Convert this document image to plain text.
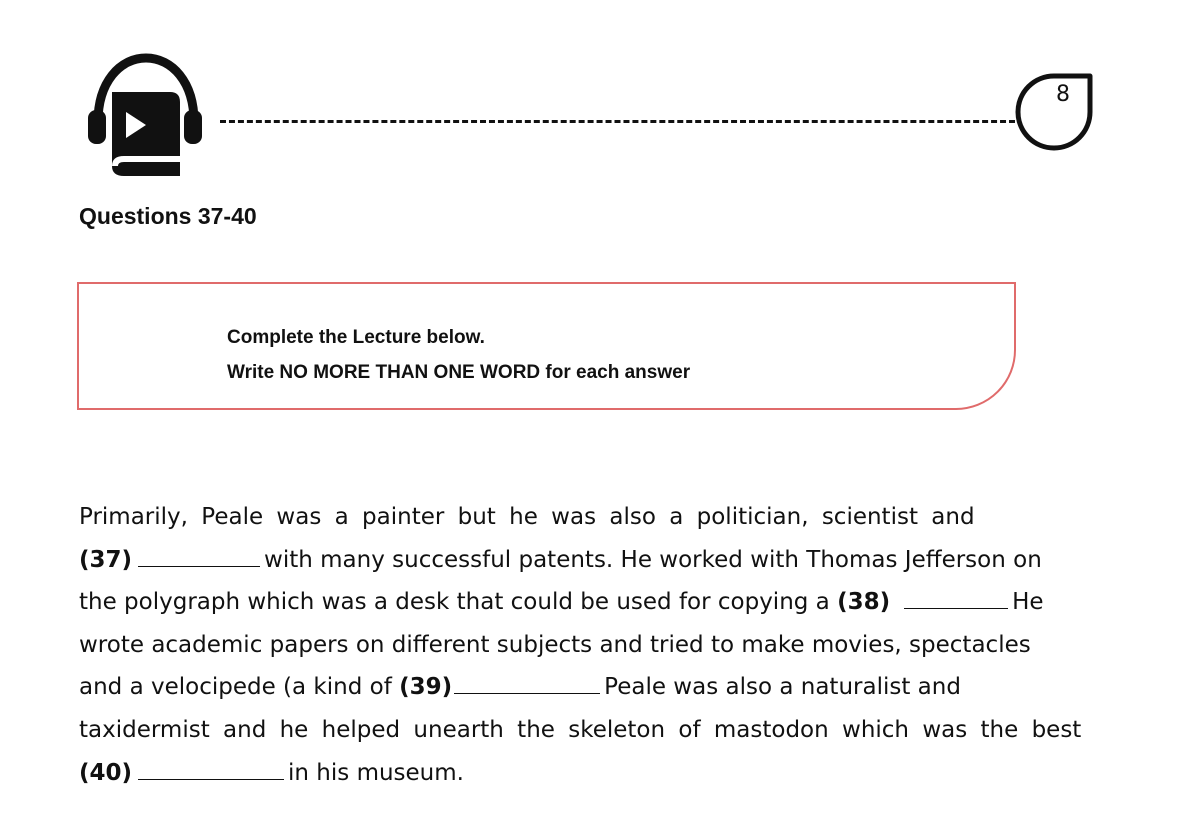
8
Questions 37-40
Complete the Lecture below.
Write NO MORE THAN ONE WORD for each answer
Primarily, Peale was a painter but he was also a politician, scientist and
(37)	with many successful patents. He worked with Thomas Jefferson on
the polygraph which was a desk that could be used for copying a (38)	He
wrote academic papers on different subjects and tried to make movies, spectacles
and a velocipede (a kind of (39)	Peale was also a naturalist and
taxidermist and he helped unearth the skeleton of mastodon which was the best
(40)	in his museum.
